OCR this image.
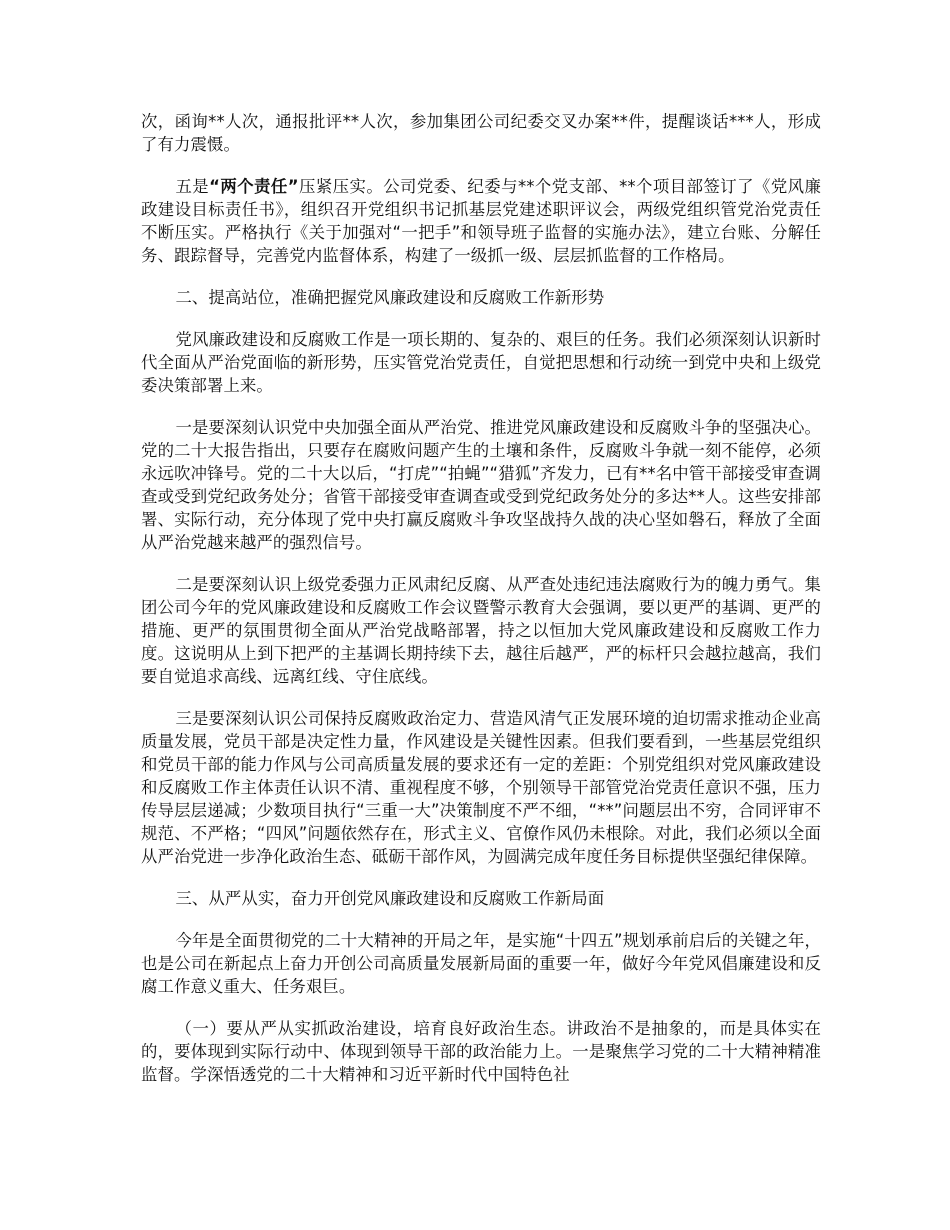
次，函询**人次，通报批评**人次，参加集团公司纪委交叉办案**件，提醒谈话***人，形成了有力震慑。

五是“两个责任”压紧压实。公司党委、纪委与**个党支部、**个项目部签订了《党风廉政建设目标责任书》，组织召开党组织书记抓基层党建述职评议会，两级党组织管党治党责任不断压实。严格执行《关于加强对“一把手”和领导班子监督的实施办法》，建立台账、分解任务、跟踪督导，完善党内监督体系，构建了一级抓一级、层层抓监督的工作格局。

二、提高站位，准确把握党风廉政建设和反腐败工作新形势

党风廉政建设和反腐败工作是一项长期的、复杂的、艰巨的任务。我们必须深刻认识新时代全面从严治党面临的新形势，压实管党治党责任，自觉把思想和行动统一到党中央和上级党委决策部署上来。

一是要深刻认识党中央加强全面从严治党、推进党风廉政建设和反腐败斗争的坚强决心。党的二十大报告指出，只要存在腐败问题产生的土壤和条件，反腐败斗争就一刻不能停，必须永远吹冲锋号。党的二十大以后，“打虎”“拍蝇”“猎狐”齐发力，已有**名中管干部接受审查调查或受到党纪政务处分；省管干部接受审查调查或受到党纪政务处分的多达**人。这些安排部署、实际行动，充分体现了党中央打赢反腐败斗争攻坚战持久战的决心坚如磐石，释放了全面从严治党越来越严的强烈信号。

二是要深刻认识上级党委强力正风肃纪反腐、从严查处违纪违法腐败行为的魄力勇气。集团公司今年的党风廉政建设和反腐败工作会议暨警示教育大会强调，要以更严的基调、更严的措施、更严的氛围贯彻全面从严治党战略部署，持之以恒加大党风廉政建设和反腐败工作力度。这说明从上到下把严的主基调长期持续下去，越往后越严，严的标杆只会越拉越高，我们要自觉追求高线、远离红线、守住底线。

三是要深刻认识公司保持反腐败政治定力、营造风清气正发展环境的迫切需求推动企业高质量发展，党员干部是决定性力量，作风建设是关键性因素。但我们要看到，一些基层党组织和党员干部的能力作风与公司高质量发展的要求还有一定的差距：个别党组织对党风廉政建设和反腐败工作主体责任认识不清、重视程度不够，个别领导干部管党治党责任意识不强，压力传导层层递减；少数项目执行“三重一大”决策制度不严不细，“**”问题层出不穷，合同评审不规范、不严格；“四风”问题依然存在，形式主义、官僚作风仍未根除。对此，我们必须以全面从严治党进一步净化政治生态、砥砺干部作风，为圆满完成年度任务目标提供坚强纪律保障。

三、从严从实，奋力开创党风廉政建设和反腐败工作新局面

今年是全面贯彻党的二十大精神的开局之年，是实施“十四五”规划承前启后的关键之年，也是公司在新起点上奋力开创公司高质量发展新局面的重要一年，做好今年党风倡廉建设和反腐工作意义重大、任务艰巨。

（一）要从严从实抓政治建设，培育良好政治生态。讲政治不是抽象的，而是具体实在的，要体现到实际行动中、体现到领导干部的政治能力上。一是聚焦学习党的二十大精神精准监督。学深悟透党的二十大精神和习近平新时代中国特色社
